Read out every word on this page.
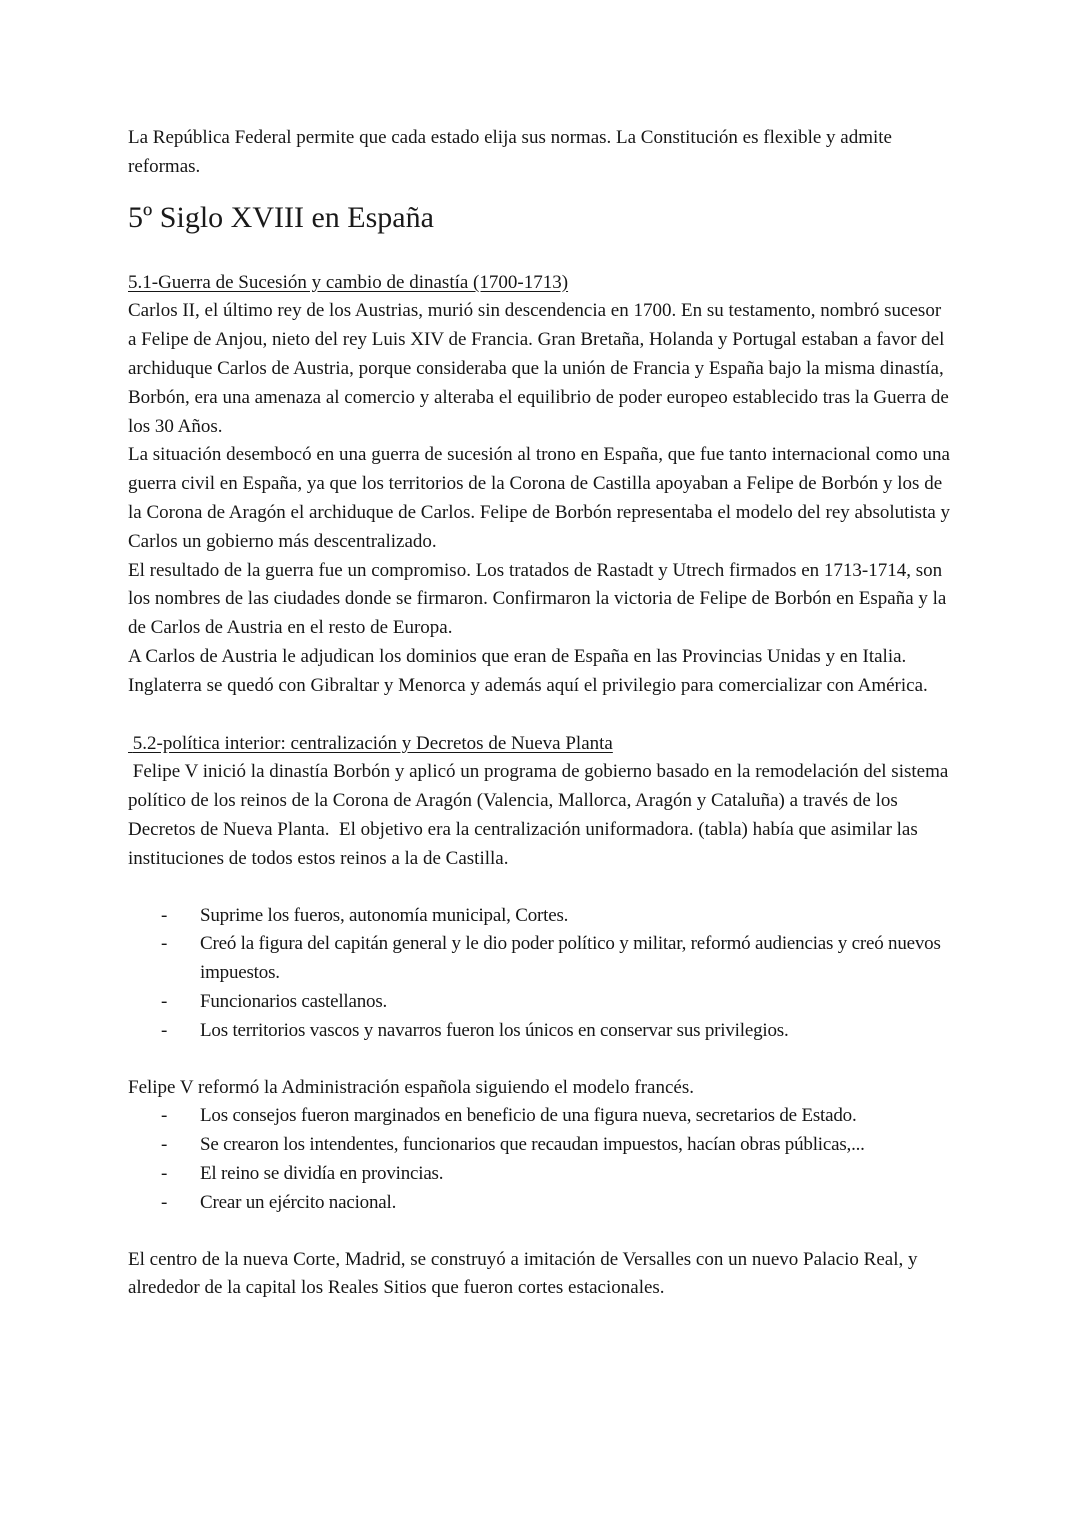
La República Federal permite que cada estado elija sus normas. La Constitución es flexible y admite reformas.

5º Siglo XVIII en España
5.1-Guerra de Sucesión y cambio de dinastía (1700-1713)

Carlos II, el último rey de los Austrias, murió sin descendencia en 1700. En su testamento, nombró sucesor a Felipe de Anjou, nieto del rey Luis XIV de Francia. Gran Bretaña, Holanda y Portugal estaban a favor del archiduque Carlos de Austria, porque consideraba que la unión de Francia y España bajo la misma dinastía, Borbón, era una amenaza al comercio y alteraba el equilibrio de poder europeo establecido tras la Guerra de los 30 Años.

La situación desembocó en una guerra de sucesión al trono en España, que fue tanto internacional como una guerra civil en España, ya que los territorios de la Corona de Castilla apoyaban a Felipe de Borbón y los de la Corona de Aragón el archiduque de Carlos. Felipe de Borbón representaba el modelo del rey absolutista y Carlos un gobierno más descentralizado.

El resultado de la guerra fue un compromiso. Los tratados de Rastadt y Utrech firmados en 1713-1714, son los nombres de las ciudades donde se firmaron. Confirmaron la victoria de Felipe de Borbón en España y la de Carlos de Austria en el resto de Europa.

A Carlos de Austria le adjudican los dominios que eran de España en las Provincias Unidas y en Italia. Inglaterra se quedó con Gibraltar y Menorca y además aquí el privilegio para comercializar con América.

5.2-política interior: centralización y Decretos de Nueva Planta

Felipe V inició la dinastía Borbón y aplicó un programa de gobierno basado en la remodelación del sistema político de los reinos de la Corona de Aragón (Valencia, Mallorca, Aragón y Cataluña) a través de los Decretos de Nueva Planta.  El objetivo era la centralización uniformadora. (tabla) había que asimilar las instituciones de todos estos reinos a la de Castilla.

-	Suprime los fueros, autonomía municipal, Cortes.
-	Creó la figura del capitán general y le dio poder político y militar, reformó audiencias y creó nuevos impuestos.
-	Funcionarios castellanos.
-	Los territorios vascos y navarros fueron los únicos en conservar sus privilegios.

Felipe V reformó la Administración española siguiendo el modelo francés.

-	Los consejos fueron marginados en beneficio de una figura nueva, secretarios de Estado.
-	Se crearon los intendentes, funcionarios que recaudan impuestos, hacían obras públicas,...
-	El reino se dividía en provincias.
-	Crear un ejército nacional.

El centro de la nueva Corte, Madrid, se construyó a imitación de Versalles con un nuevo Palacio Real, y alrededor de la capital los Reales Sitios que fueron cortes estacionales.
